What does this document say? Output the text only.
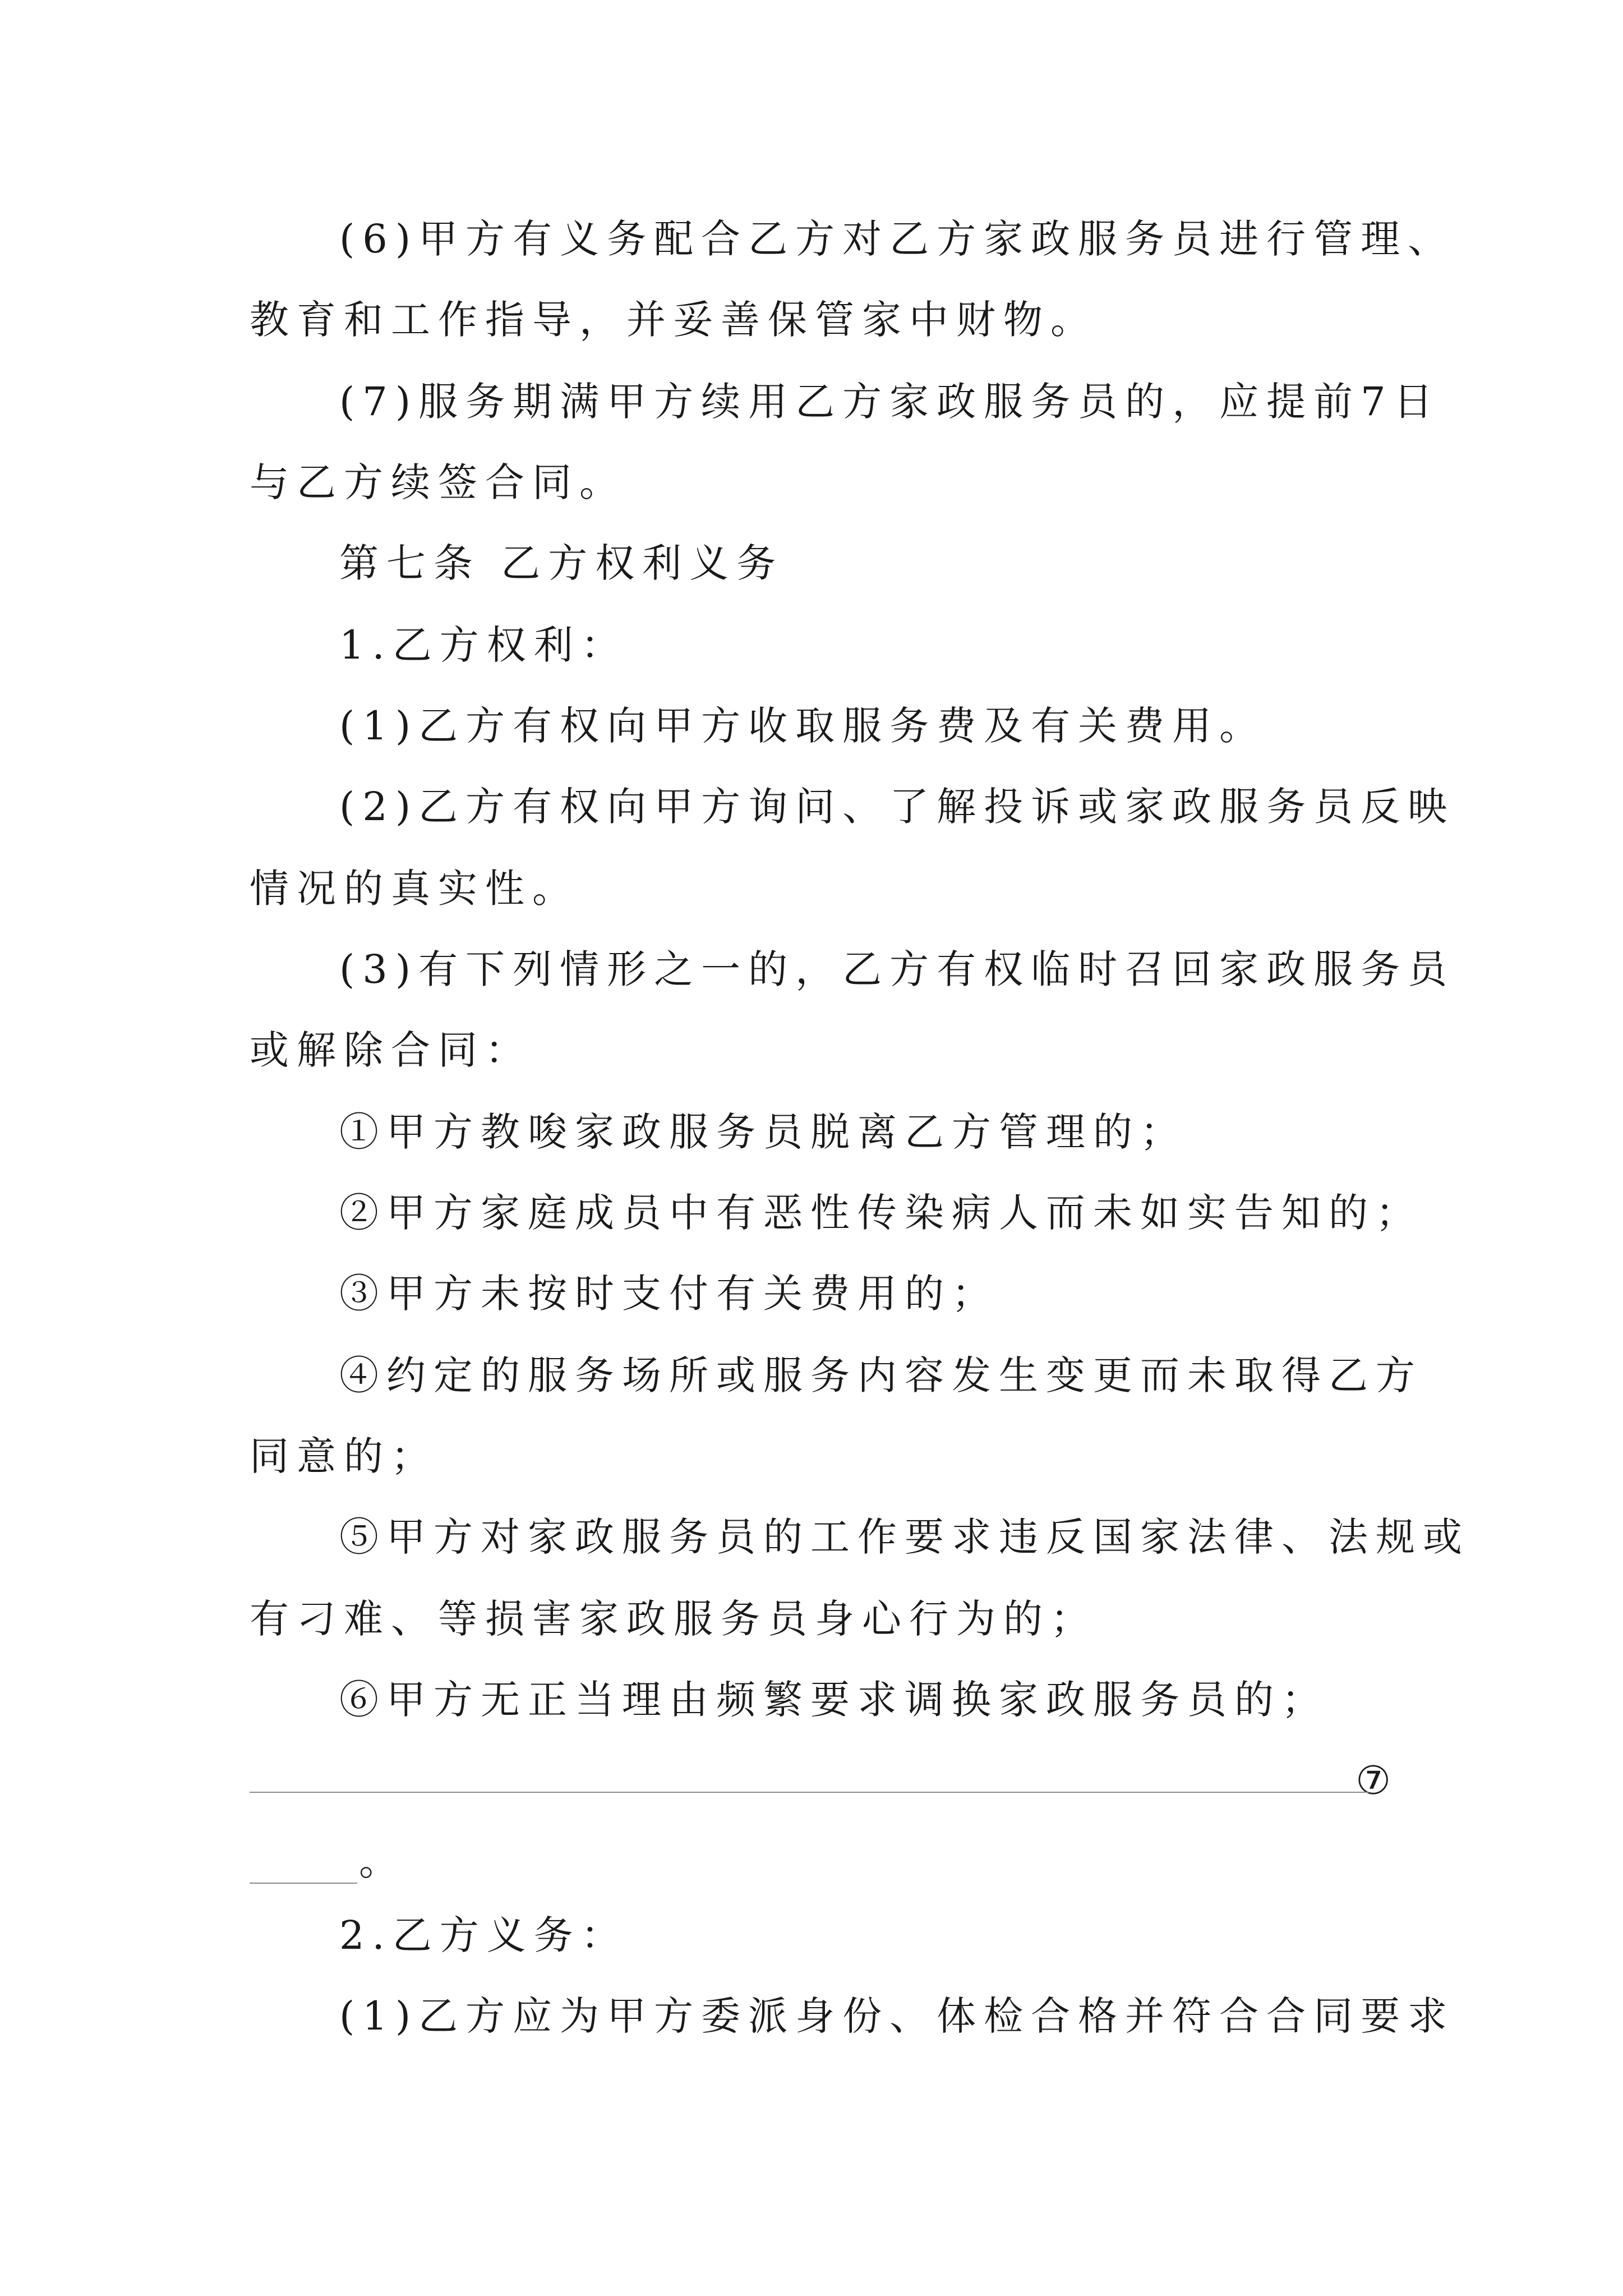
(6)甲方有义务配合乙方对乙方家政服务员进行管理、
教育和工作指导，并妥善保管家中财物。
(7)服务期满甲方续用乙方家政服务员的，应提前7日
与乙方续签合同。
第七条 乙方权利义务
1.乙方权利：
(1)乙方有权向甲方收取服务费及有关费用。
(2)乙方有权向甲方询问、了解投诉或家政服务员反映
情况的真实性。
(3)有下列情形之一的，乙方有权临时召回家政服务员
或解除合同：
①甲方教唆家政服务员脱离乙方管理的；
②甲方家庭成员中有恶性传染病人而未如实告知的；
③甲方未按时支付有关费用的；
④约定的服务场所或服务内容发生变更而未取得乙方
同意的；
⑤甲方对家政服务员的工作要求违反国家法律、法规或
有刁难、等损害家政服务员身心行为的；
⑥甲方无正当理由频繁要求调换家政服务员的；
⑦
。
2.乙方义务：
(1)乙方应为甲方委派身份、体检合格并符合合同要求
